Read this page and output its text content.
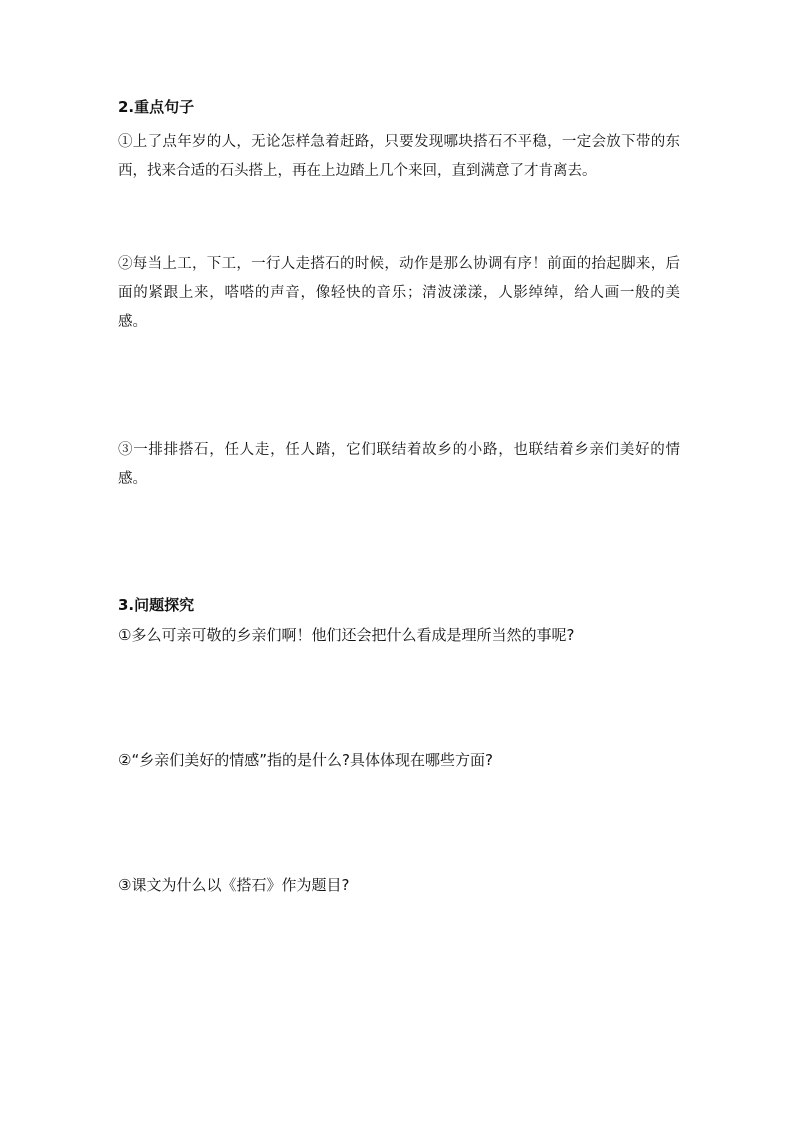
2.重点句子

①上了点年岁的人，无论怎样急着赶路，只要发现哪块搭石不平稳，一定会放下带的东西，找来合适的石头搭上，再在上边踏上几个来回，直到满意了才肯离去。

②每当上工，下工，一行人走搭石的时候，动作是那么协调有序！前面的抬起脚来，后面的紧跟上来，嗒嗒的声音，像轻快的音乐；清波漾漾，人影绰绰，给人画一般的美感。

③一排排搭石，任人走，任人踏，它们联结着故乡的小路，也联结着乡亲们美好的情感。

3.问题探究

①多么可亲可敬的乡亲们啊！他们还会把什么看成是理所当然的事呢?

②“乡亲们美好的情感”指的是什么?具体体现在哪些方面?

③课文为什么以《搭石》作为题目?
